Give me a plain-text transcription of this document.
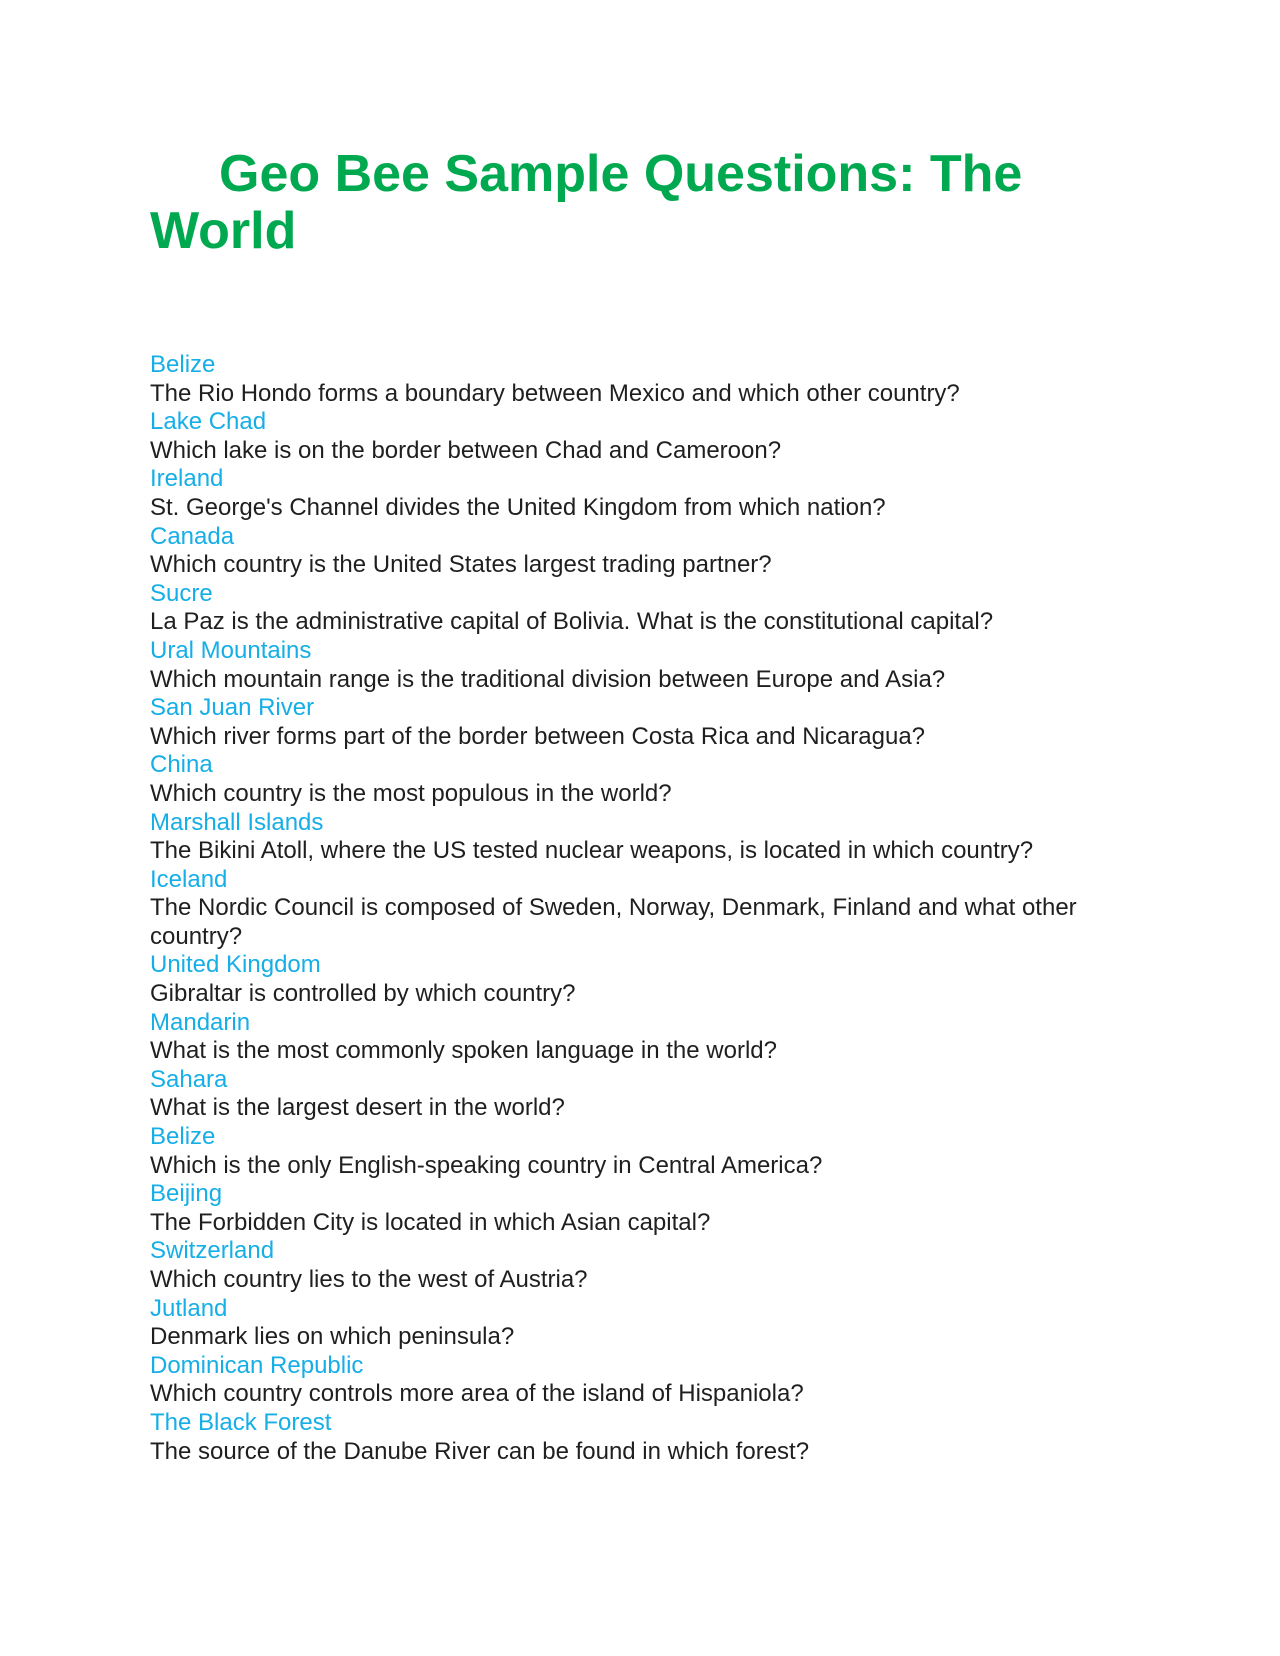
Geo Bee Sample Questions: The World
Belize
The Rio Hondo forms a boundary between Mexico and which other country?
Lake Chad
Which lake is on the border between Chad and Cameroon?
Ireland
St. George's Channel divides the United Kingdom from which nation?
Canada
Which country is the United States largest trading partner?
Sucre
La Paz is the administrative capital of Bolivia. What is the constitutional capital?
Ural Mountains
Which mountain range is the traditional division between Europe and Asia?
San Juan River
Which river forms part of the border between Costa Rica and Nicaragua?
China
Which country is the most populous in the world?
Marshall Islands
The Bikini Atoll, where the US tested nuclear weapons, is located in which country?
Iceland
The Nordic Council is composed of Sweden, Norway, Denmark, Finland and what other country?
United Kingdom
Gibraltar is controlled by which country?
Mandarin
What is the most commonly spoken language in the world?
Sahara
What is the largest desert in the world?
Belize
Which is the only English-speaking country in Central America?
Beijing
The Forbidden City is located in which Asian capital?
Switzerland
Which country lies to the west of Austria?
Jutland
Denmark lies on which peninsula?
Dominican Republic
Which country controls more area of the island of Hispaniola?
The Black Forest
The source of the Danube River can be found in which forest?
